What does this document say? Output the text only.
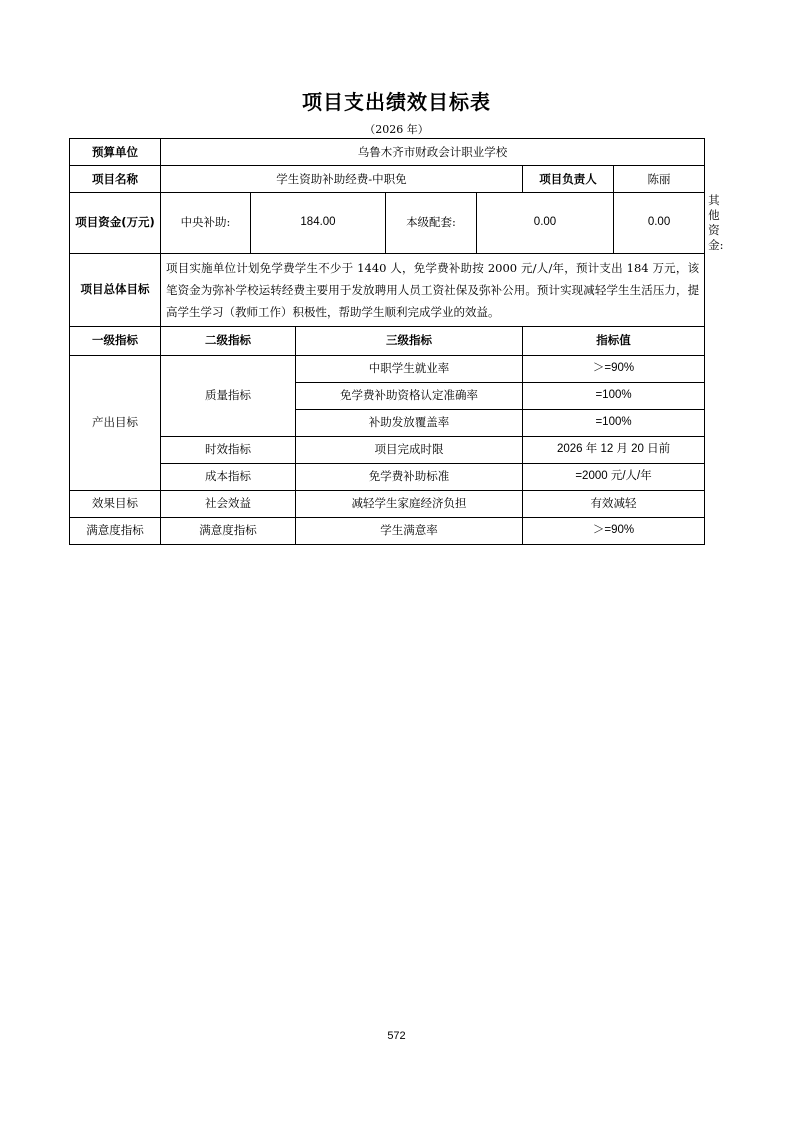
项目支出绩效目标表
（2026 年）
预算单位	乌鲁木齐市财政会计职业学校							
项目名称	学生资助补助经费-中职免					项目负责人	陈丽	
项目资金(万元)	中央补助:	184.00		本级配套:	0.00		0.00	其他资金:
项目总体目标	项目实施单位计划免学费学生不少于 1440 人，免学费补助按 2000 元/人/年，预计支出 184 万元，该笔资金为弥补学校运转经费主要用于发放聘用人员工资社保及弥补公用。预计实现减轻学生生活压力，提高学生学习（教师工作）积极性，帮助学生顺利完成学业的效益。							
一级指标	二级指标		三级指标			指标值		
产出目标	质量指标		中职学生就业率			＞=90%		
			免学费补助资格认定准确率			=100%		
			补助发放覆盖率			=100%		
	时效指标		项目完成时限			2026 年 12 月 20 日前		
	成本指标		免学费补助标准			=2000 元/人/年		
效果目标	社会效益		减轻学生家庭经济负担			有效减轻		
满意度指标	满意度指标		学生满意率			＞=90%		
572
